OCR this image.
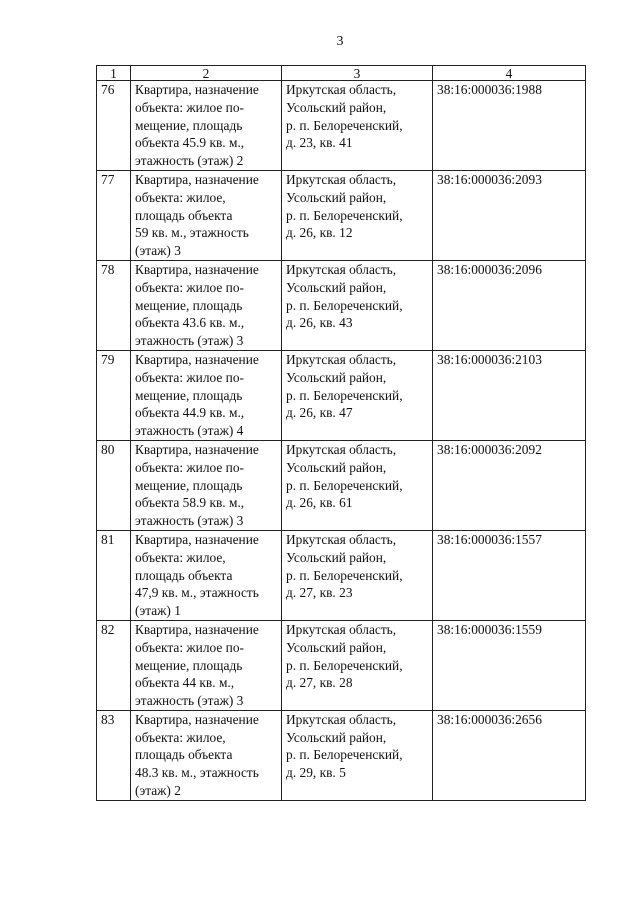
3
1	2	3	4
76	Квартира, назначение
объекта: жилое по-
мещение, площадь
объекта 45.9 кв. м.,
этажность (этаж) 2	Иркутская область,
Усольский район,
р. п. Белореченский,
д. 23, кв. 41	38:16:000036:1988
77	Квартира, назначение
объекта: жилое,
площадь объекта
59 кв. м., этажность
(этаж) 3	Иркутская область,
Усольский район,
р. п. Белореченский,
д. 26, кв. 12	38:16:000036:2093
78	Квартира, назначение
объекта: жилое по-
мещение, площадь
объекта 43.6 кв. м.,
этажность (этаж) 3	Иркутская область,
Усольский район,
р. п. Белореченский,
д. 26, кв. 43	38:16:000036:2096
79	Квартира, назначение
объекта: жилое по-
мещение, площадь
объекта 44.9 кв. м.,
этажность (этаж) 4	Иркутская область,
Усольский район,
р. п. Белореченский,
д. 26, кв. 47	38:16:000036:2103
80	Квартира, назначение
объекта: жилое по-
мещение, площадь
объекта 58.9 кв. м.,
этажность (этаж) 3	Иркутская область,
Усольский район,
р. п. Белореченский,
д. 26, кв. 61	38:16:000036:2092
81	Квартира, назначение
объекта: жилое,
площадь объекта
47,9 кв. м., этажность
(этаж) 1	Иркутская область,
Усольский район,
р. п. Белореченский,
д. 27, кв. 23	38:16:000036:1557
82	Квартира, назначение
объекта: жилое по-
мещение, площадь
объекта 44 кв. м.,
этажность (этаж) 3	Иркутская область,
Усольский район,
р. п. Белореченский,
д. 27, кв. 28	38:16:000036:1559
83	Квартира, назначение
объекта: жилое,
площадь объекта
48.3 кв. м., этажность
(этаж) 2	Иркутская область,
Усольский район,
р. п. Белореченский,
д. 29, кв. 5	38:16:000036:2656
